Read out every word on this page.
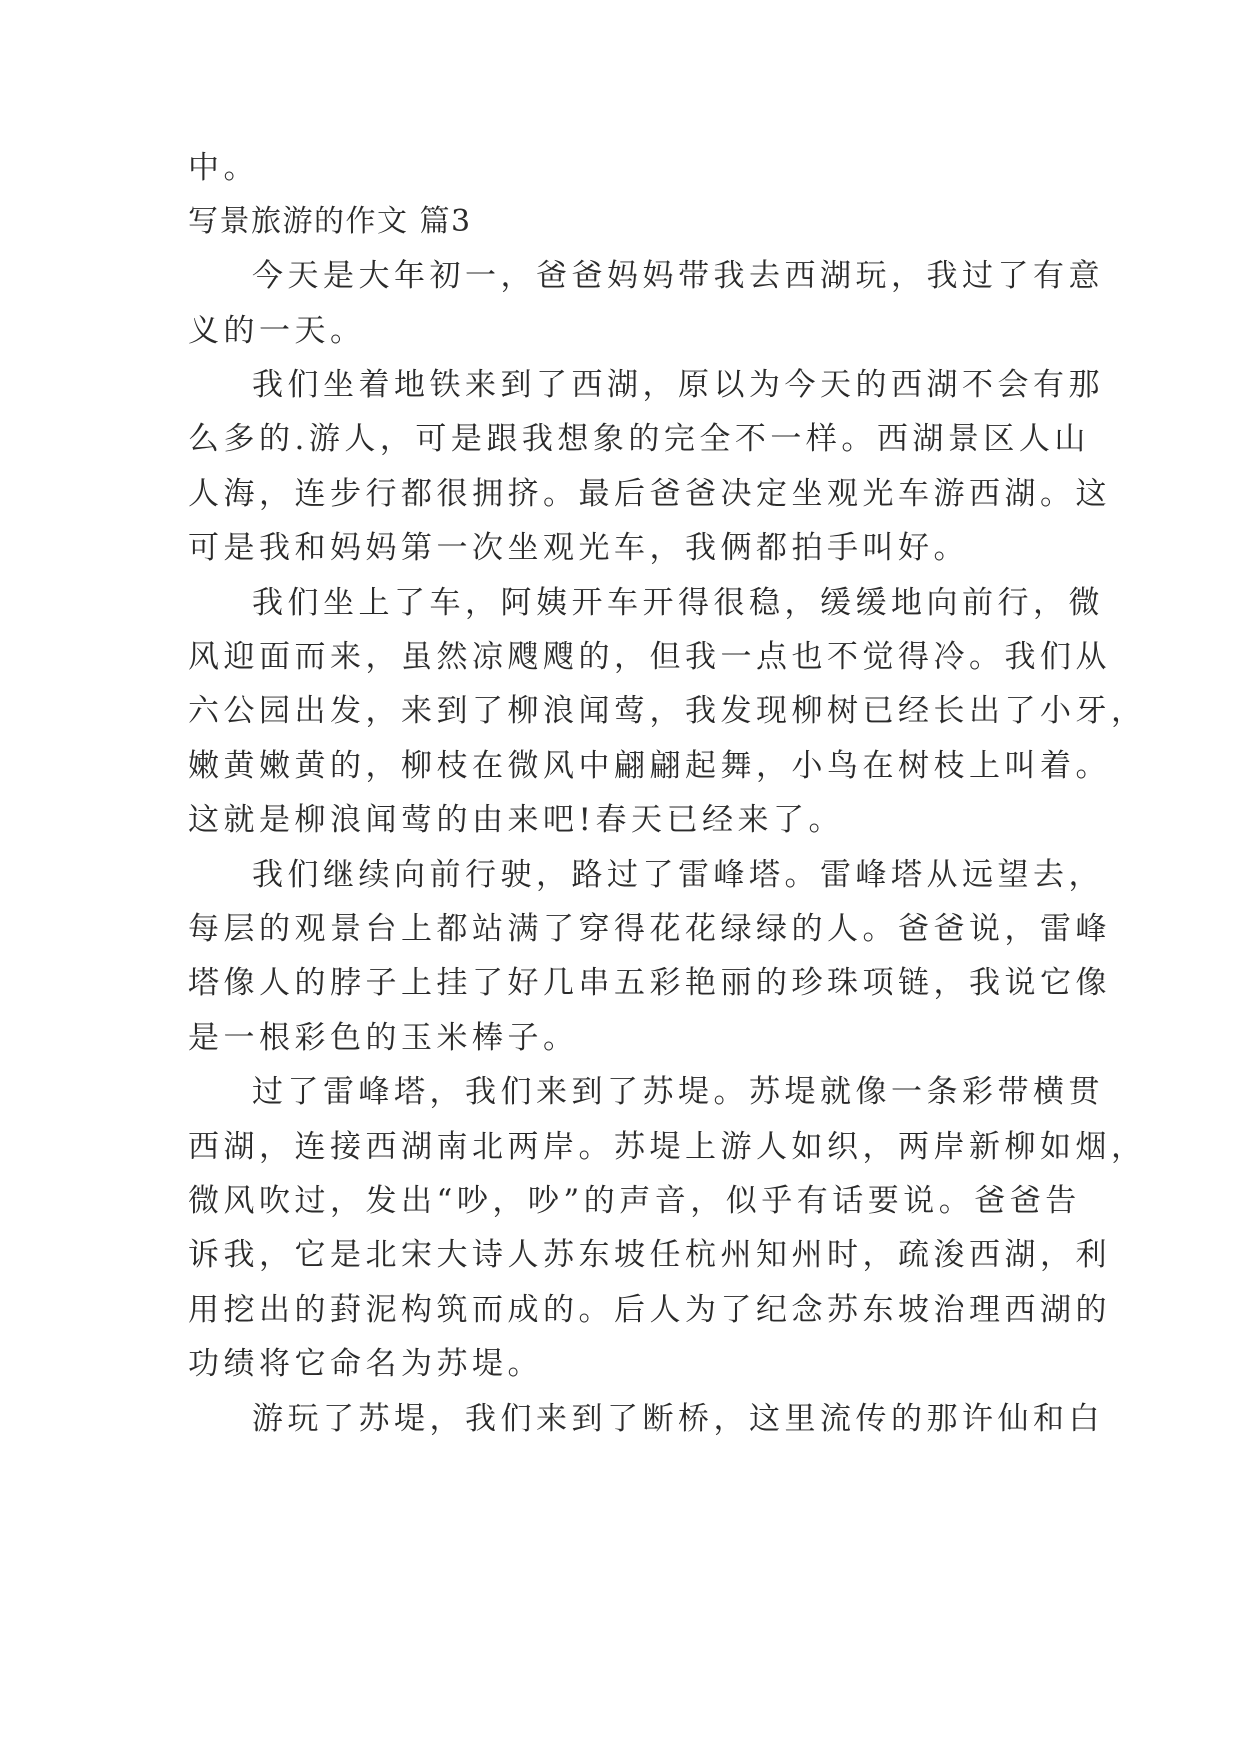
中。

写景旅游的作文 篇3

今天是大年初一，爸爸妈妈带我去西湖玩，我过了有意

义的一天。

我们坐着地铁来到了西湖，原以为今天的西湖不会有那

么多的.游人，可是跟我想象的完全不一样。西湖景区人山

人海，连步行都很拥挤。最后爸爸决定坐观光车游西湖。这

可是我和妈妈第一次坐观光车，我俩都拍手叫好。

我们坐上了车，阿姨开车开得很稳，缓缓地向前行，微

风迎面而来，虽然凉飕飕的，但我一点也不觉得冷。我们从

六公园出发，来到了柳浪闻莺，我发现柳树已经长出了小牙，

嫩黄嫩黄的，柳枝在微风中翩翩起舞，小鸟在树枝上叫着。

这就是柳浪闻莺的由来吧!春天已经来了。

我们继续向前行驶，路过了雷峰塔。雷峰塔从远望去，

每层的观景台上都站满了穿得花花绿绿的人。爸爸说，雷峰

塔像人的脖子上挂了好几串五彩艳丽的珍珠项链，我说它像

是一根彩色的玉米棒子。

过了雷峰塔，我们来到了苏堤。苏堤就像一条彩带横贯

西湖，连接西湖南北两岸。苏堤上游人如织，两岸新柳如烟，

微风吹过，发出“吵，吵”的声音，似乎有话要说。爸爸告

诉我，它是北宋大诗人苏东坡任杭州知州时，疏浚西湖，利

用挖出的葑泥构筑而成的。后人为了纪念苏东坡治理西湖的

功绩将它命名为苏堤。

游玩了苏堤，我们来到了断桥，这里流传的那许仙和白
